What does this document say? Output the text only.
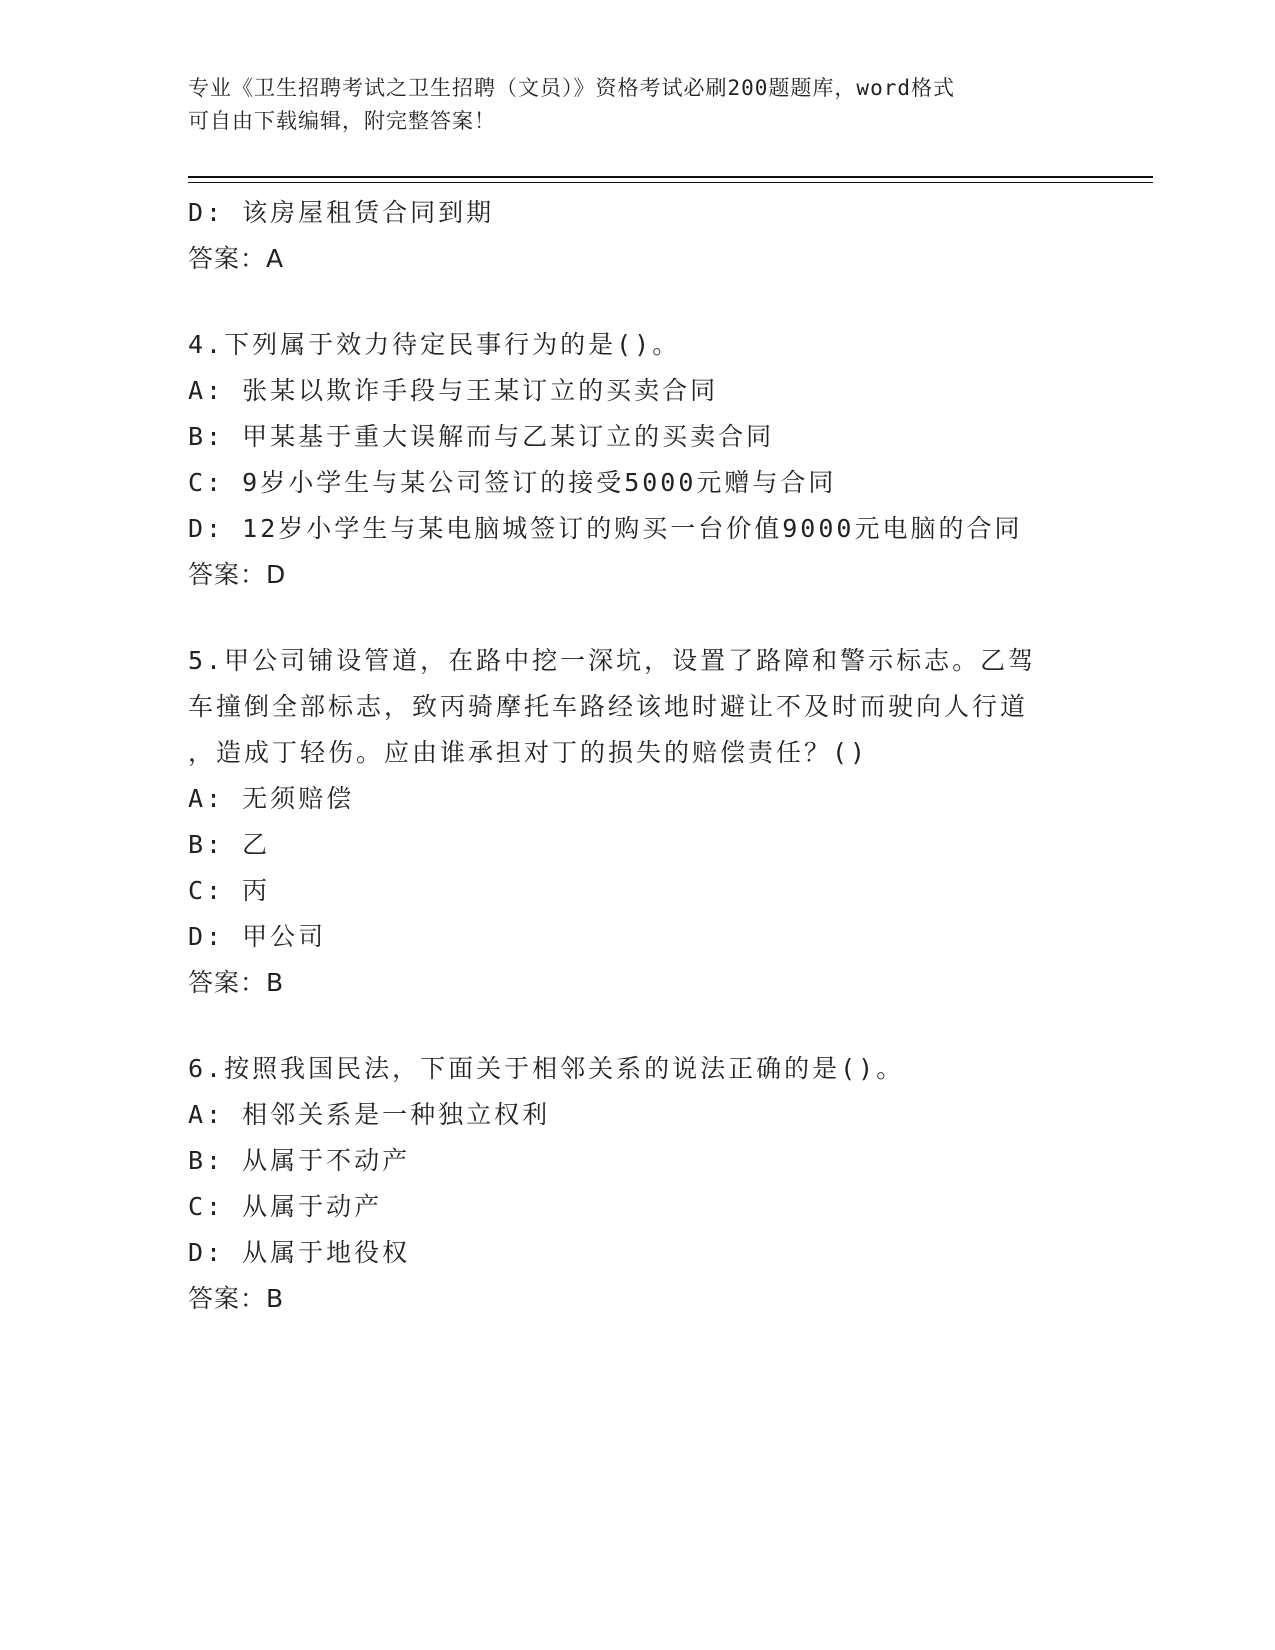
专业《卫生招聘考试之卫生招聘（文员）》资格考试必刷200题题库，word格式
可自由下载编辑，附完整答案！
D: 该房屋租赁合同到期
答案：A
4.下列属于效力待定民事行为的是()。
A: 张某以欺诈手段与王某订立的买卖合同
B: 甲某基于重大误解而与乙某订立的买卖合同
C: 9岁小学生与某公司签订的接受5000元赠与合同
D: 12岁小学生与某电脑城签订的购买一台价值9000元电脑的合同
答案：D
5.甲公司铺设管道，在路中挖一深坑，设置了路障和警示标志。乙驾
车撞倒全部标志，致丙骑摩托车路经该地时避让不及时而驶向人行道
，造成丁轻伤。应由谁承担对丁的损失的赔偿责任？()
A: 无须赔偿
B: 乙
C: 丙
D: 甲公司
答案：B
6.按照我国民法，下面关于相邻关系的说法正确的是()。
A: 相邻关系是一种独立权利
B: 从属于不动产
C: 从属于动产
D: 从属于地役权
答案：B
